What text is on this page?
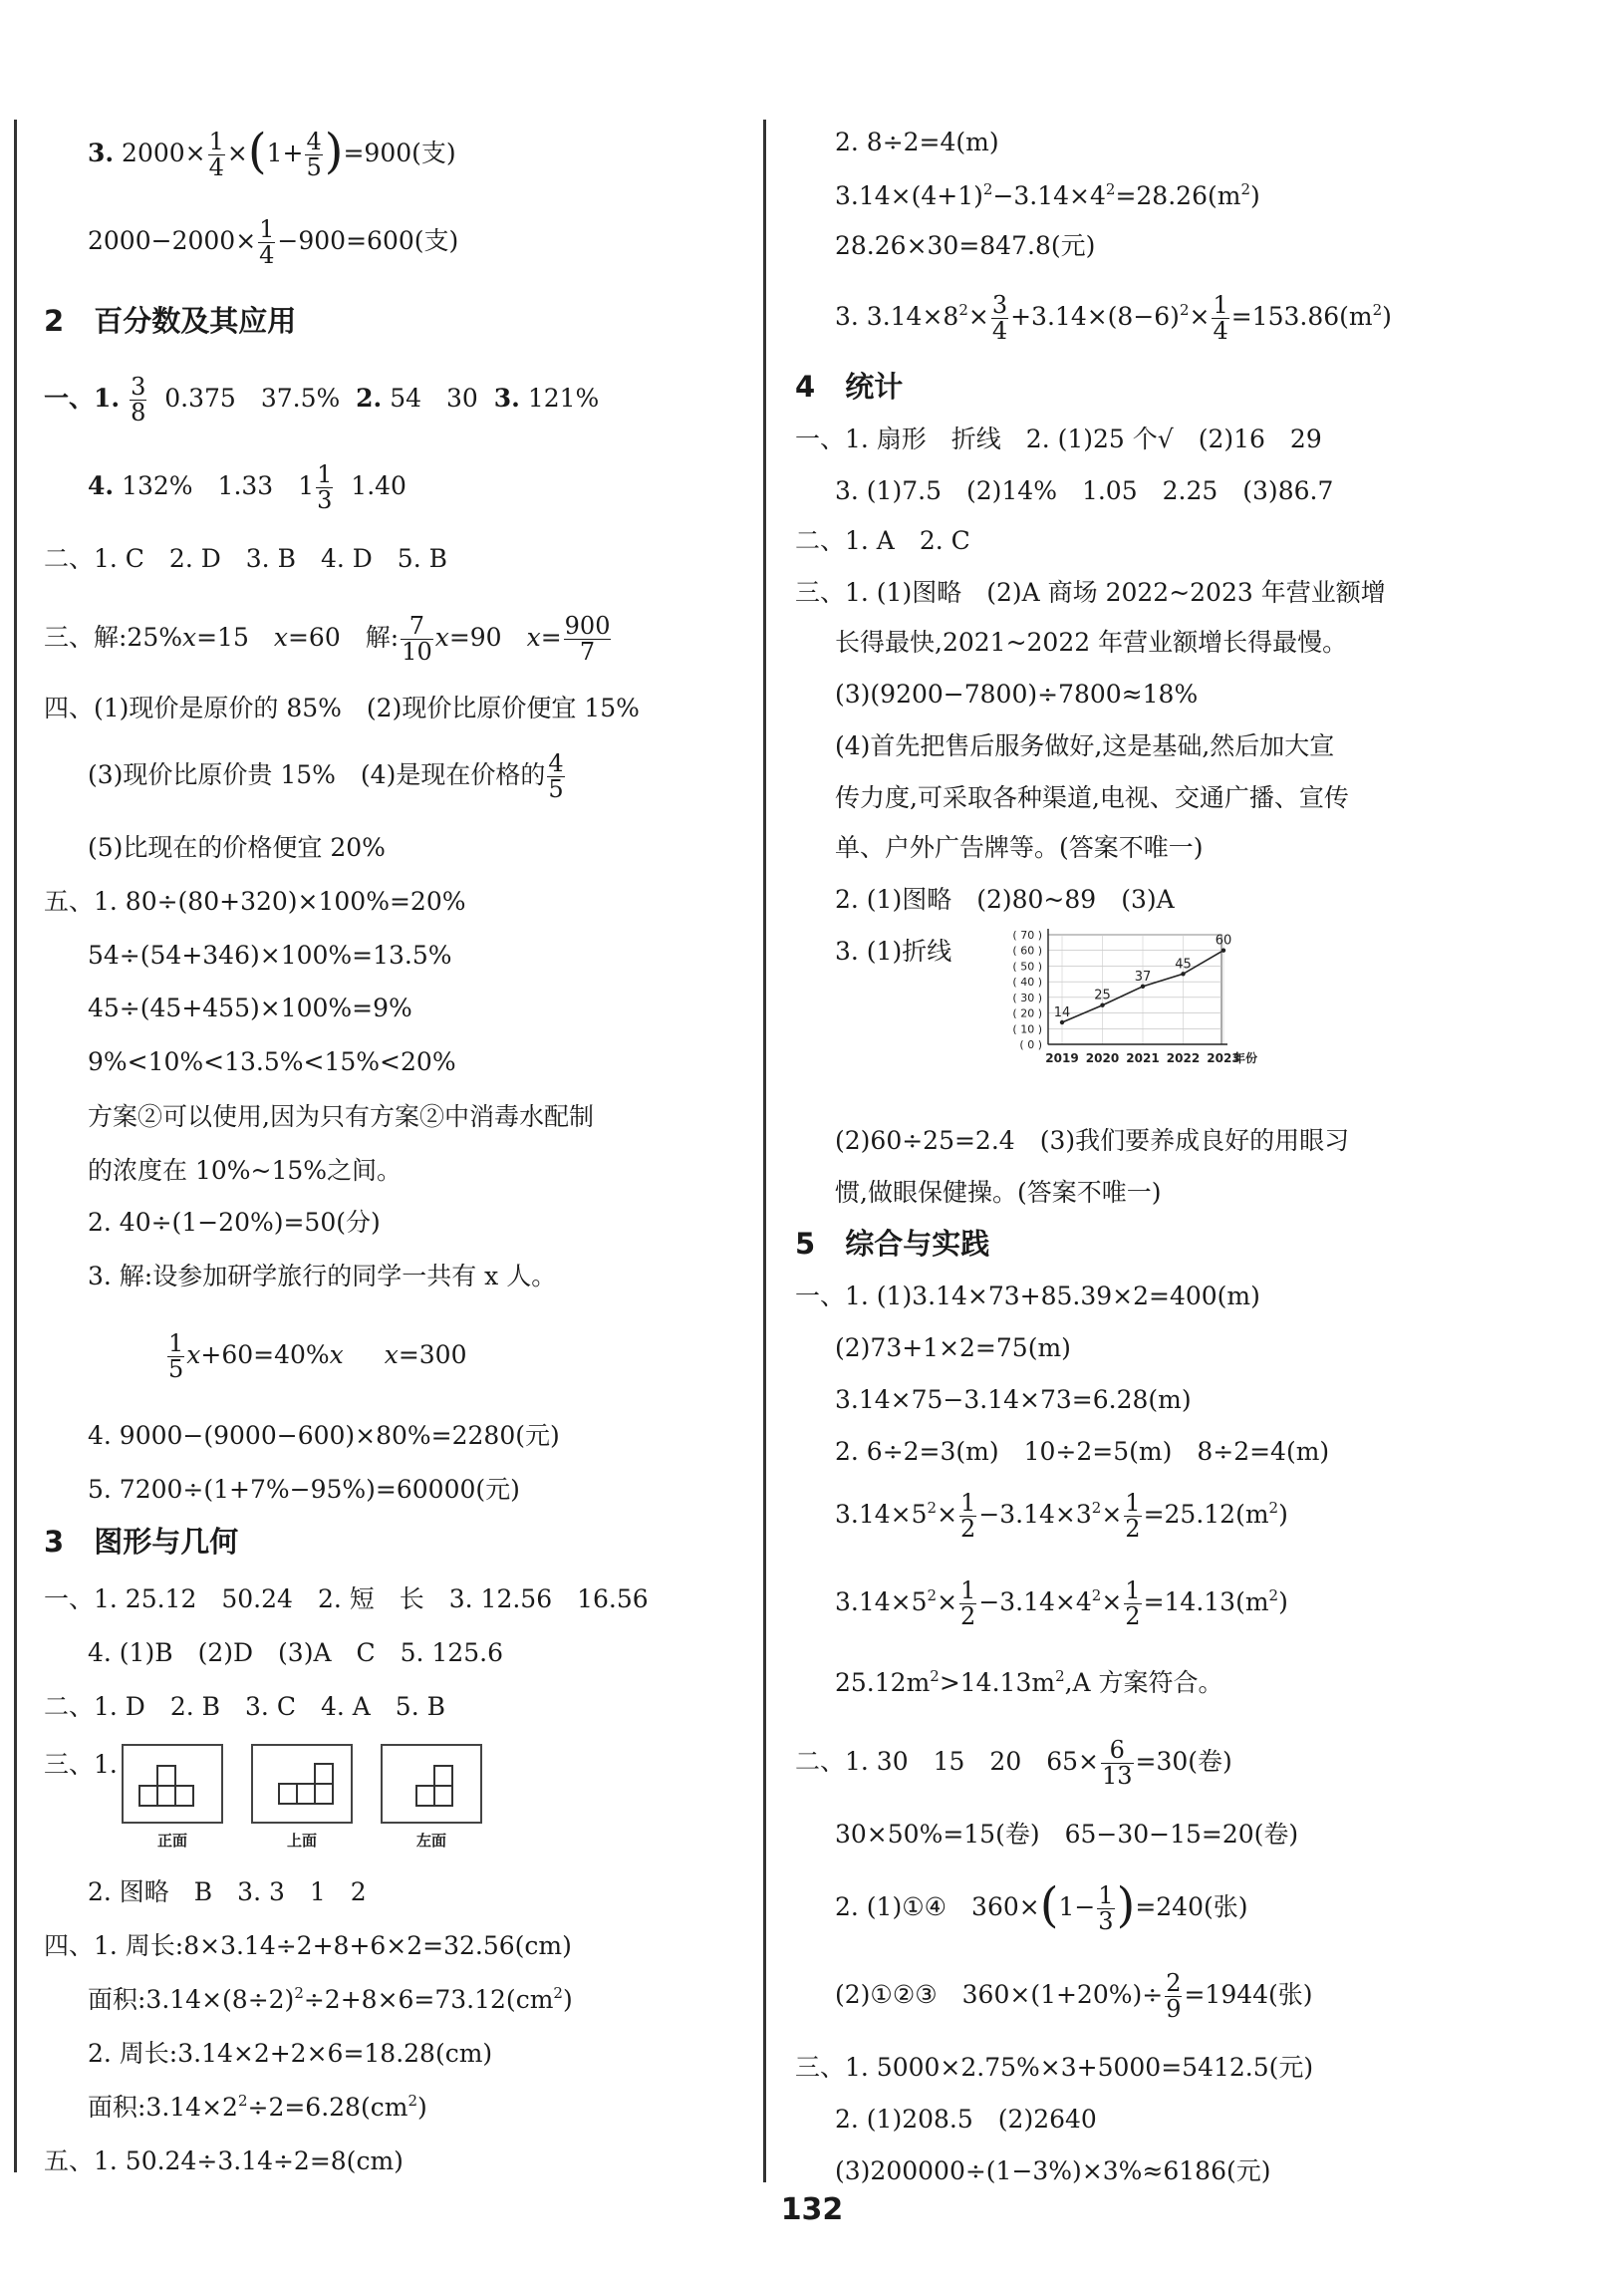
3. $2000\times \frac{1}{4} \times(1+ \frac{4}{5} )=900$(支)
$2000-2000\times \frac{1}{4} -900=600$(支)
2 百分数及其应用
一、1. $\frac{3}{8} 0.375$　37.5% 2. 54　30 3. 121%
4. 132%　1.33　$1 \frac{1}{3} 1.40$
二、1. C　2. D　3. B　4. D　5. B
三、解:25%x=15　x=60　解: $\frac{7}{10} x=90$　$x= \frac{900}{7}$
四、(1)现价是原价的 85%　(2)现价比原价便宜 15%
(3)现价比原价贵 15%　(4)是现在价格的 $\frac{4}{5}$
(5)比现在的价格便宜 20%
五、1. 80÷(80+320)×100%=20%
54÷(54+346)×100%=13.5%
45÷(45+455)×100%=9%
9%<10%<13.5%<15%<20%
方案②可以使用,因为只有方案②中消毒水配制
的浓度在 10%~15%之间。
2. 40÷(1−20%)=50(分)
3. 解:设参加研学旅行的同学一共有 x 人。
$\frac{1}{5} x+60=40\%x$　 x=300
4. 9000−(9000−600)×80%=2280(元)
5. 7200÷(1+7%−95%)=60000(元)
3 图形与几何
一、1. 25.12　50.24　2. 短　长　3. 12.56　16.56
4. (1)B　(2)D　(3)A　C　5. 125.6
二、1. D　2. B　3. C　4. A　5. B
三、1.
正面	上面	左面
2. 图略　B　3. 3　1　2
四、1. 周长:8×3.14÷2+8+6×2=32.56(cm)
面积$:3.14\times(8\div 2)^2\div 2+8\times 6=73.12(cm^2)$
2. 周长:3.14×2+2×6=18.28(cm)
面积$:3.14\times 2^2\div 2=6.28(cm^2)$
五、1. 50.24÷3.14÷2=8(cm)
2. 8÷2=4(m)
$3.14\times(4+1)^2-3.14\times 4^2=28.26(m^2)$
28.26×30=847.8(元)
3. $3.14\times 8^2\times \frac{3}{4} +3.14\times(8-6)^2\times \frac{1}{4} =153.86(m^2)$
4 统计
一、1. 扇形　折线　2. (1)25 个√　(2)16　29
3. (1)7.5　(2)14%　1.05　2.25　(3)86.7
二、1. A　2. C
三、1. (1)图略　(2)A 商场 2022~2023 年营业额增
长得最快,2021~2022 年营业额增长得最慢。
(3)(9200−7800)÷7800≈18%
(4)首先把售后服务做好,这是基础,然后加大宣
传力度,可采取各种渠道,电视、交通广播、宣传
单、户外广告牌等。(答案不唯一)
2. (1)图略　(2)80~89　(3)A
3. (1)折线
( 0 )
( 10 )
( 20 )
( 30 )
( 40 )
( 50 )
( 60 )
( 70 )
2019 2020 2021 2022 2023
年份
14
25
37
45
60
(2)60÷25=2.4　(3)我们要养成良好的用眼习
惯,做眼保健操。(答案不唯一)
5 综合与实践
一、1. (1)3.14×73+85.39×2=400(m)
(2)73+1×2=75(m)
3.14×75−3.14×73=6.28(m)
2. 6÷2=3(m)　10÷2=5(m)　8÷2=4(m)
$3.14\times 5^2\times \frac{1}{2} -3.14\times 3^2\times \frac{1}{2} =25.12(m^2)$
$3.14\times 5^2\times \frac{1}{2} -3.14\times 4^2\times \frac{1}{2} =14.13(m^2)$
$25.12m^2>14.13m^2,A$ 方案符合。
二、1. 30　15　20　$65\times \frac{6}{13} =30$(卷)
30×50%=15(卷)　65−30−15=20(卷)
2. (1)①④　$360\times(1- \frac{1}{3} )=240$(张)
(2)①②③　$360\times(1+20\%)\div \frac{2}{9} =1944$(张)
三、1. 5000×2.75%×3+5000=5412.5(元)
2. (1)208.5　(2)2640
(3)200000÷(1−3%)×3%≈6186(元)
132
